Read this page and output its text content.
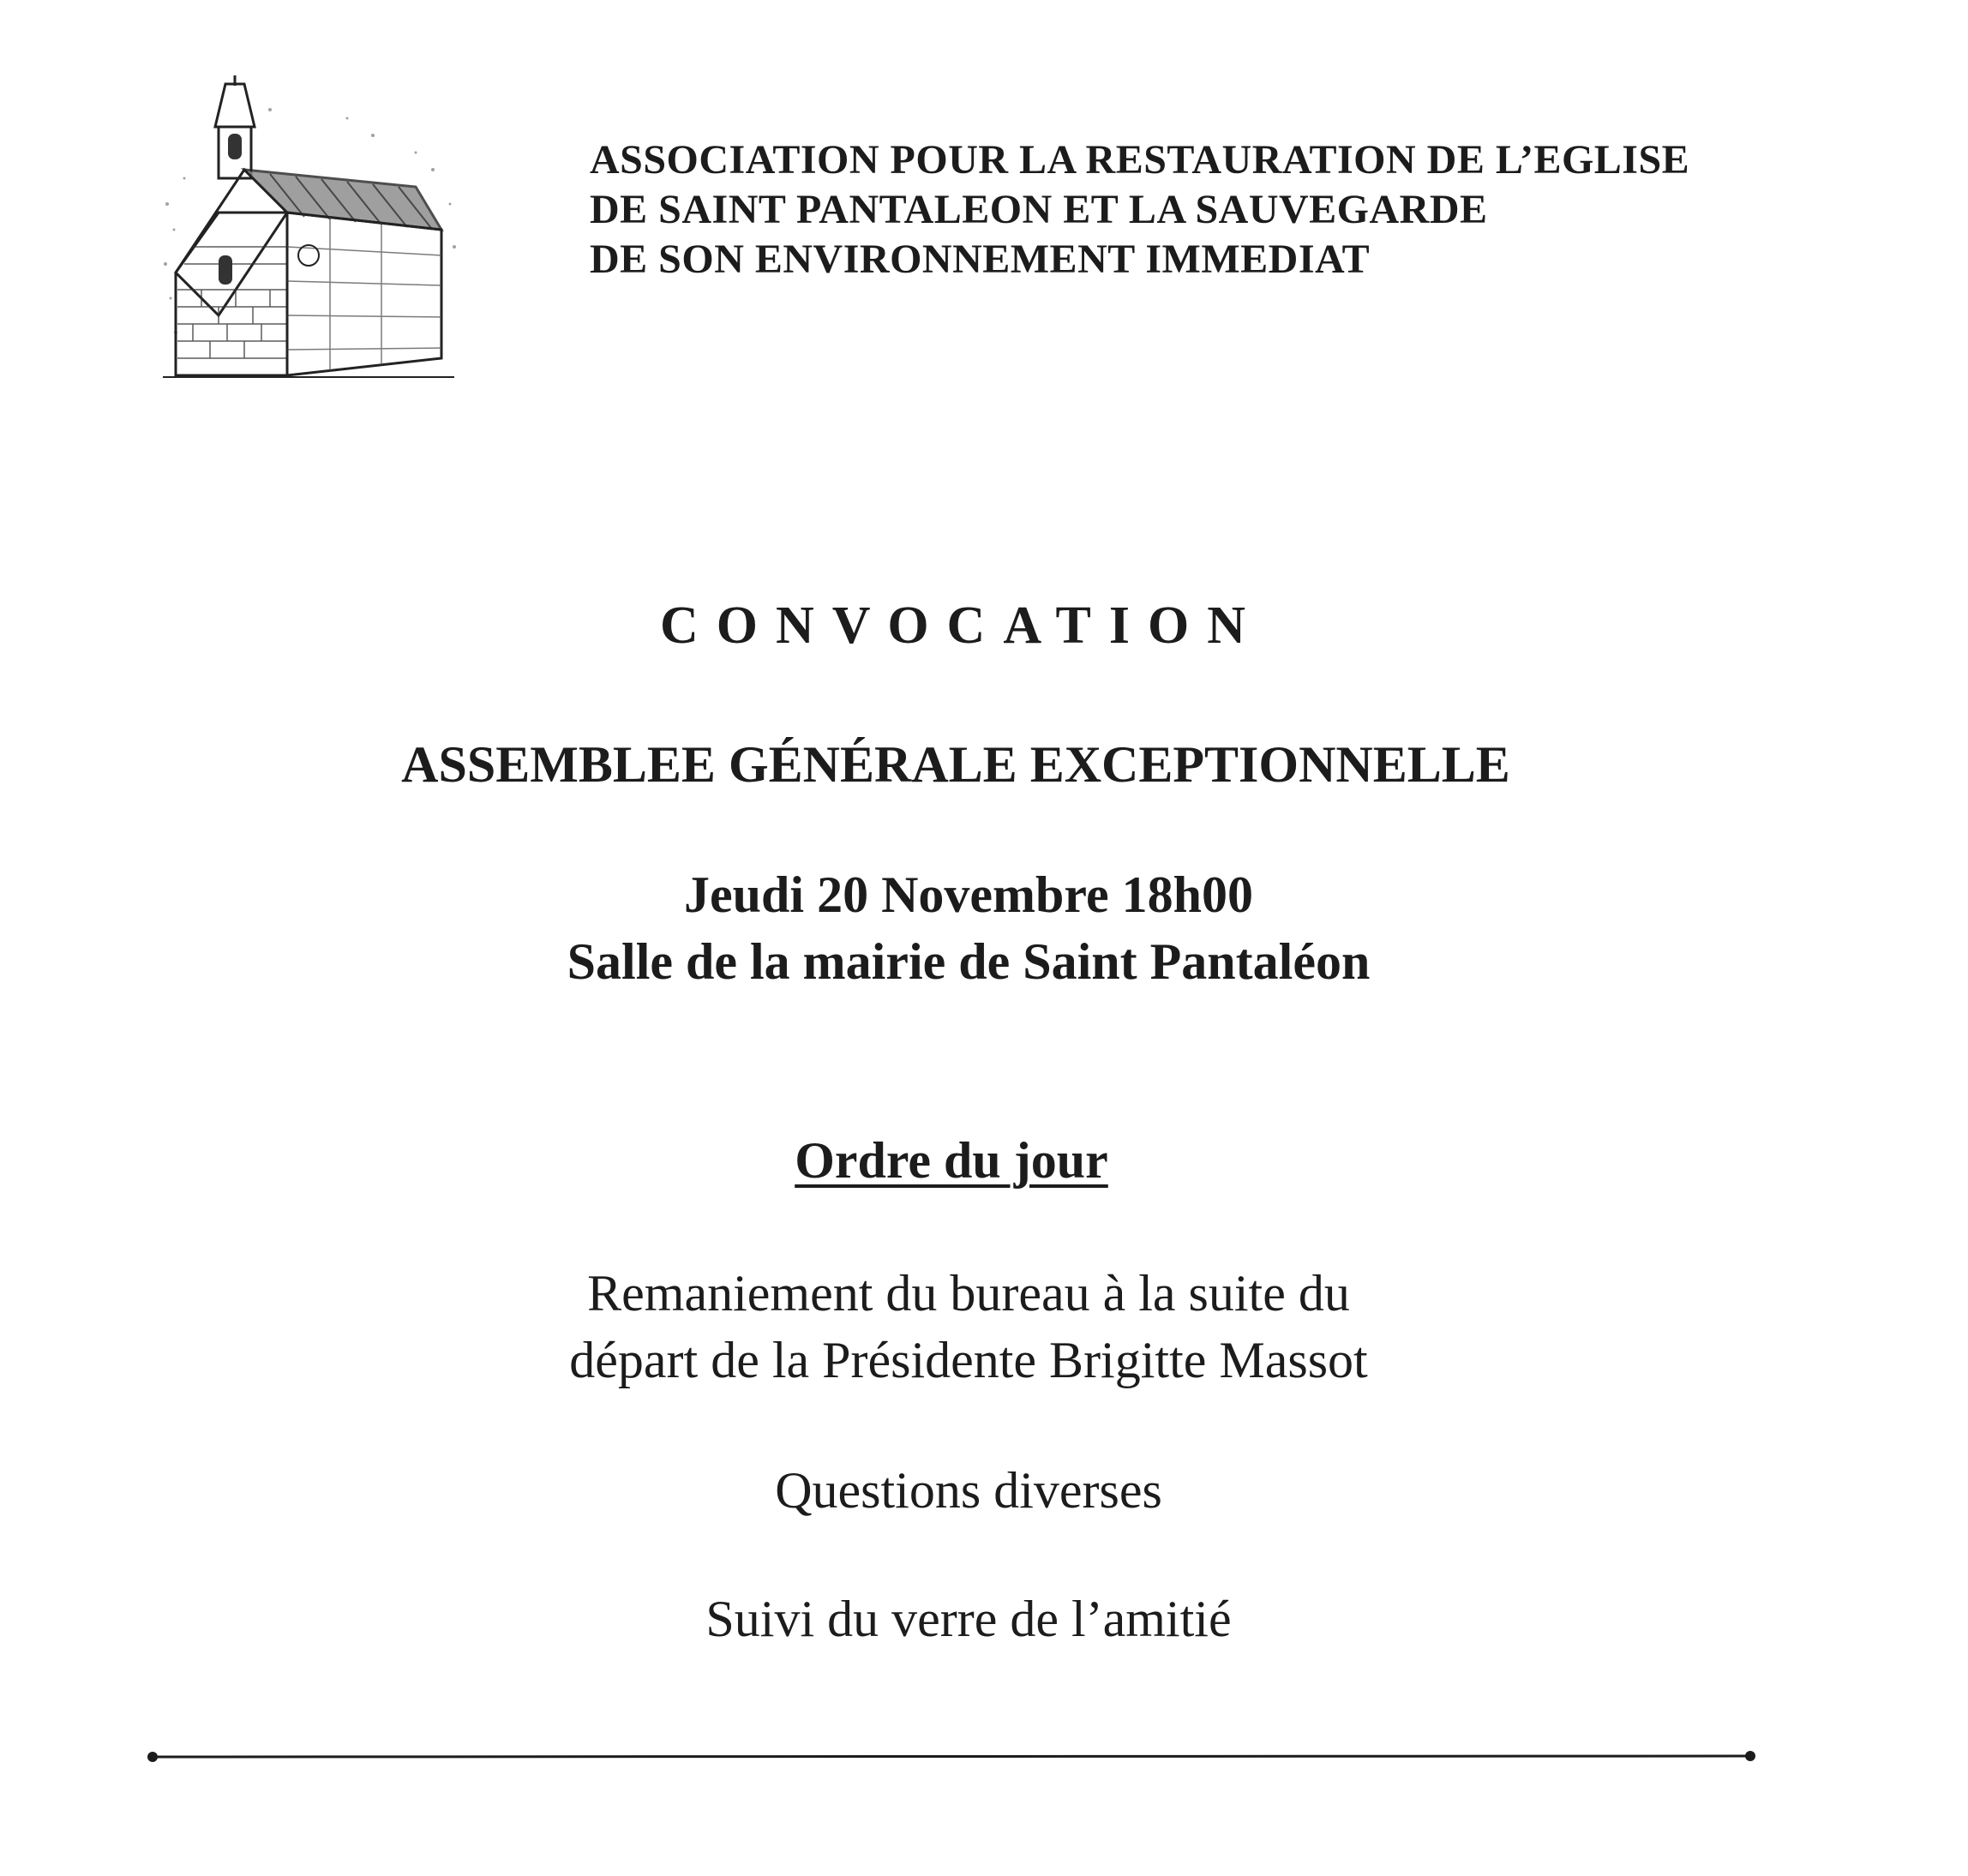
ASSOCIATION POUR LA RESTAURATION DE L’EGLISE
DE SAINT PANTALEON ET LA SAUVEGARDE
DE SON ENVIRONNEMENT IMMEDIAT
CONVOCATION
ASSEMBLEE GÉNÉRALE EXCEPTIONNELLE
Jeudi 20 Novembre 18h00
Salle de la mairie de Saint Pantaléon
Ordre du jour
Remaniement du bureau à la suite du
départ de la Présidente Brigitte Massot
Questions diverses
Suivi du verre de l’amitié
